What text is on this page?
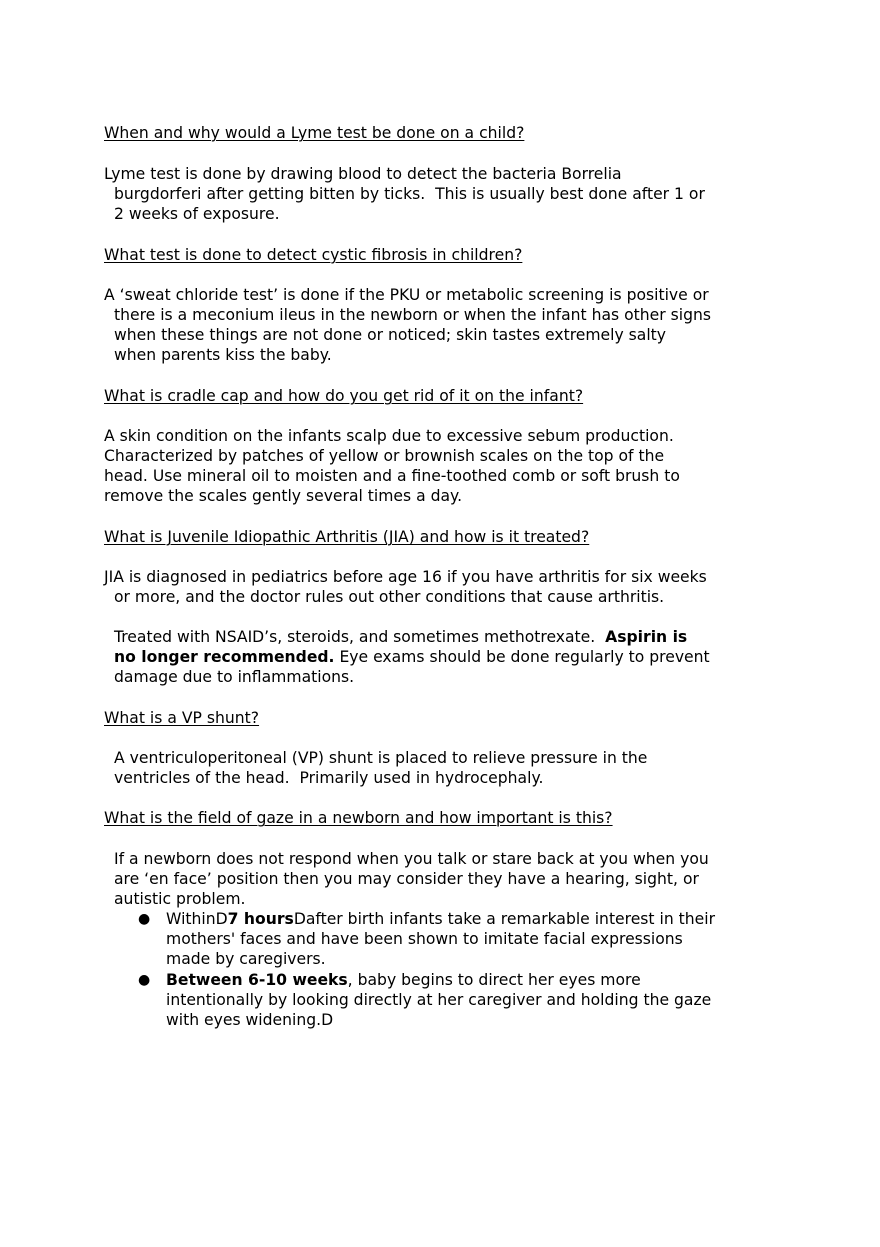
When and why would a Lyme test be done on a child?
Lyme test is done by drawing blood to detect the bacteria Borrelia
burgdorferi after getting bitten by ticks.  This is usually best done after 1 or
2 weeks of exposure.
What test is done to detect cystic fibrosis in children?
A ‘sweat chloride test’ is done if the PKU or metabolic screening is positive or
there is a meconium ileus in the newborn or when the infant has other signs
when these things are not done or noticed; skin tastes extremely salty
when parents kiss the baby.
What is cradle cap and how do you get rid of it on the infant?
A skin condition on the infants scalp due to excessive sebum production.
Characterized by patches of yellow or brownish scales on the top of the
head. Use mineral oil to moisten and a fine-toothed comb or soft brush to
remove the scales gently several times a day.
What is Juvenile Idiopathic Arthritis (JIA) and how is it treated?
JIA is diagnosed in pediatrics before age 16 if you have arthritis for six weeks
or more, and the doctor rules out other conditions that cause arthritis.
Treated with NSAID’s, steroids, and sometimes methotrexate.  Aspirin is
no longer recommended. Eye exams should be done regularly to prevent
damage due to inflammations.
What is a VP shunt?
A ventriculoperitoneal (VP) shunt is placed to relieve pressure in the
ventricles of the head.  Primarily used in hydrocephaly.
What is the field of gaze in a newborn and how important is this?
If a newborn does not respond when you talk or stare back at you when you
are ‘en face’ position then you may consider they have a hearing, sight, or
autistic problem.
● WithinD7 hoursDafter birth infants take a remarkable interest in their
mothers' faces and have been shown to imitate facial expressions
made by caregivers.
● Between 6-10 weeks, baby begins to direct her eyes more
intentionally by looking directly at her caregiver and holding the gaze
with eyes widening.D
